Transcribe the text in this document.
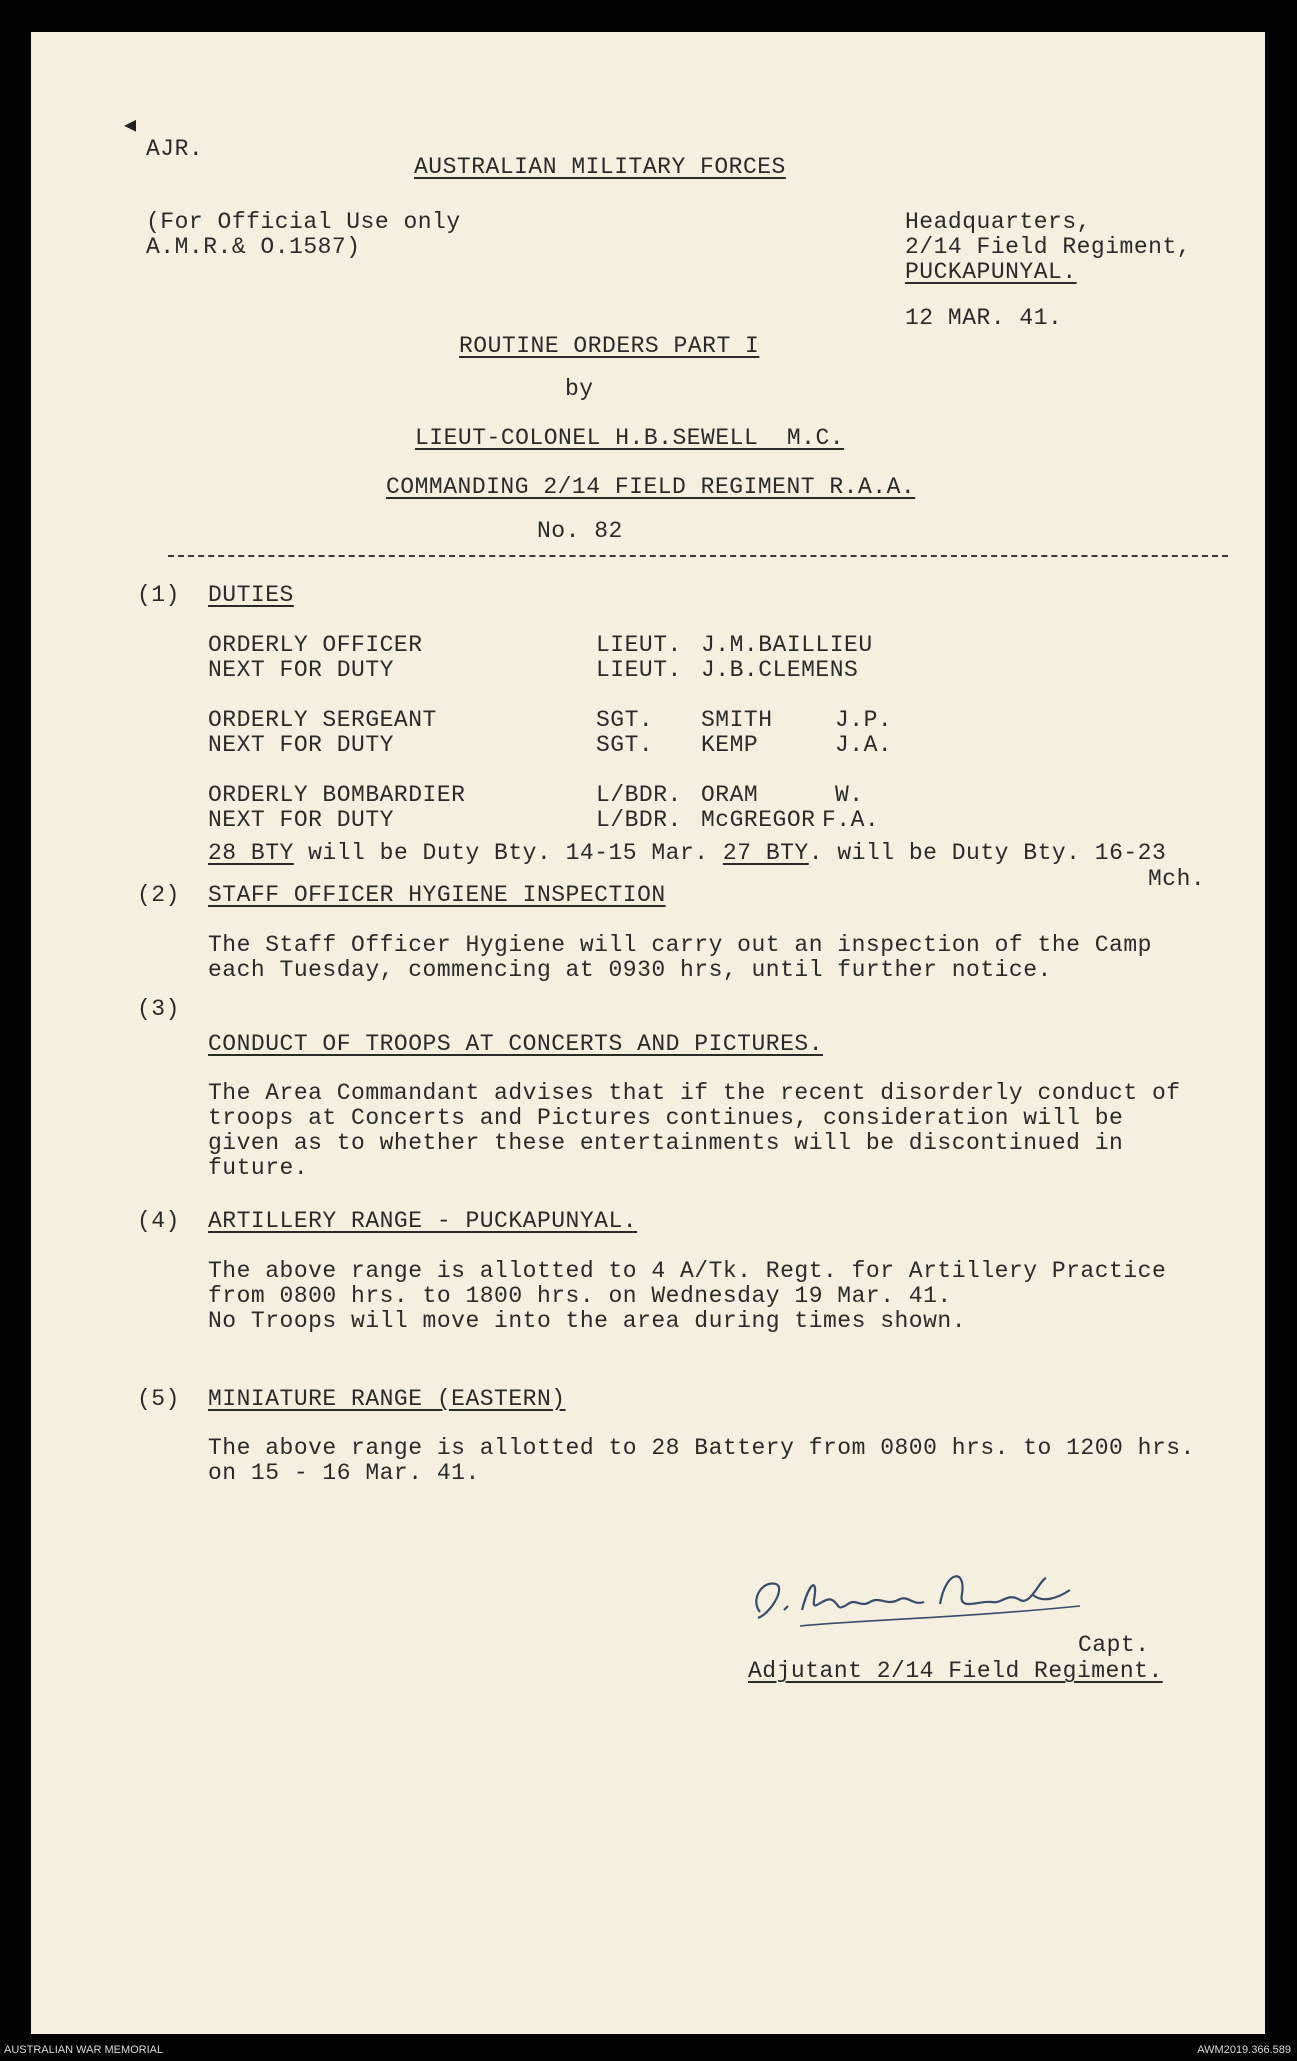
◀
AJR.
AUSTRALIAN MILITARY FORCES
(For Official Use only
A.M.R.& O.1587)
Headquarters,
2/14 Field Regiment,
PUCKAPUNYAL.
12 MAR. 41.
ROUTINE ORDERS PART I
by
LIEUT-COLONEL H.B.SEWELL  M.C.
COMMANDING 2/14 FIELD REGIMENT R.A.A.
No. 82
(1) DUTIES
ORDERLY OFFICER	LIEUT. J.M.BAILLIEU
NEXT FOR DUTY	LIEUT. J.B.CLEMENS
ORDERLY SERGEANT	SGT. SMITH	J.P.
NEXT FOR DUTY	SGT. KEMP	J.A.
ORDERLY BOMBARDIER	L/BDR. ORAM	W.
NEXT FOR DUTY	L/BDR. McGREGOR F.A.
28 BTY will be Duty Bty. 14-15 Mar. 27 BTY. will be Duty Bty. 16-23
Mch.
(2) STAFF OFFICER HYGIENE INSPECTION
The Staff Officer Hygiene will carry out an inspection of the Camp
each Tuesday, commencing at 0930 hrs, until further notice.
(3)
CONDUCT OF TROOPS AT CONCERTS AND PICTURES.
The Area Commandant advises that if the recent disorderly conduct of
troops at Concerts and Pictures continues, consideration will be
given as to whether these entertainments will be discontinued in
future.
(4) ARTILLERY RANGE - PUCKAPUNYAL.
The above range is allotted to 4 A/Tk. Regt. for Artillery Practice
from 0800 hrs. to 1800 hrs. on Wednesday 19 Mar. 41.
No Troops will move into the area during times shown.
(5) MINIATURE RANGE (EASTERN)
The above range is allotted to 28 Battery from 0800 hrs. to 1200 hrs.
on 15 - 16 Mar. 41.
Capt.
Adjutant 2/14 Field Regiment.
AUSTRALIAN WAR MEMORIAL	AWM2019.366.589
